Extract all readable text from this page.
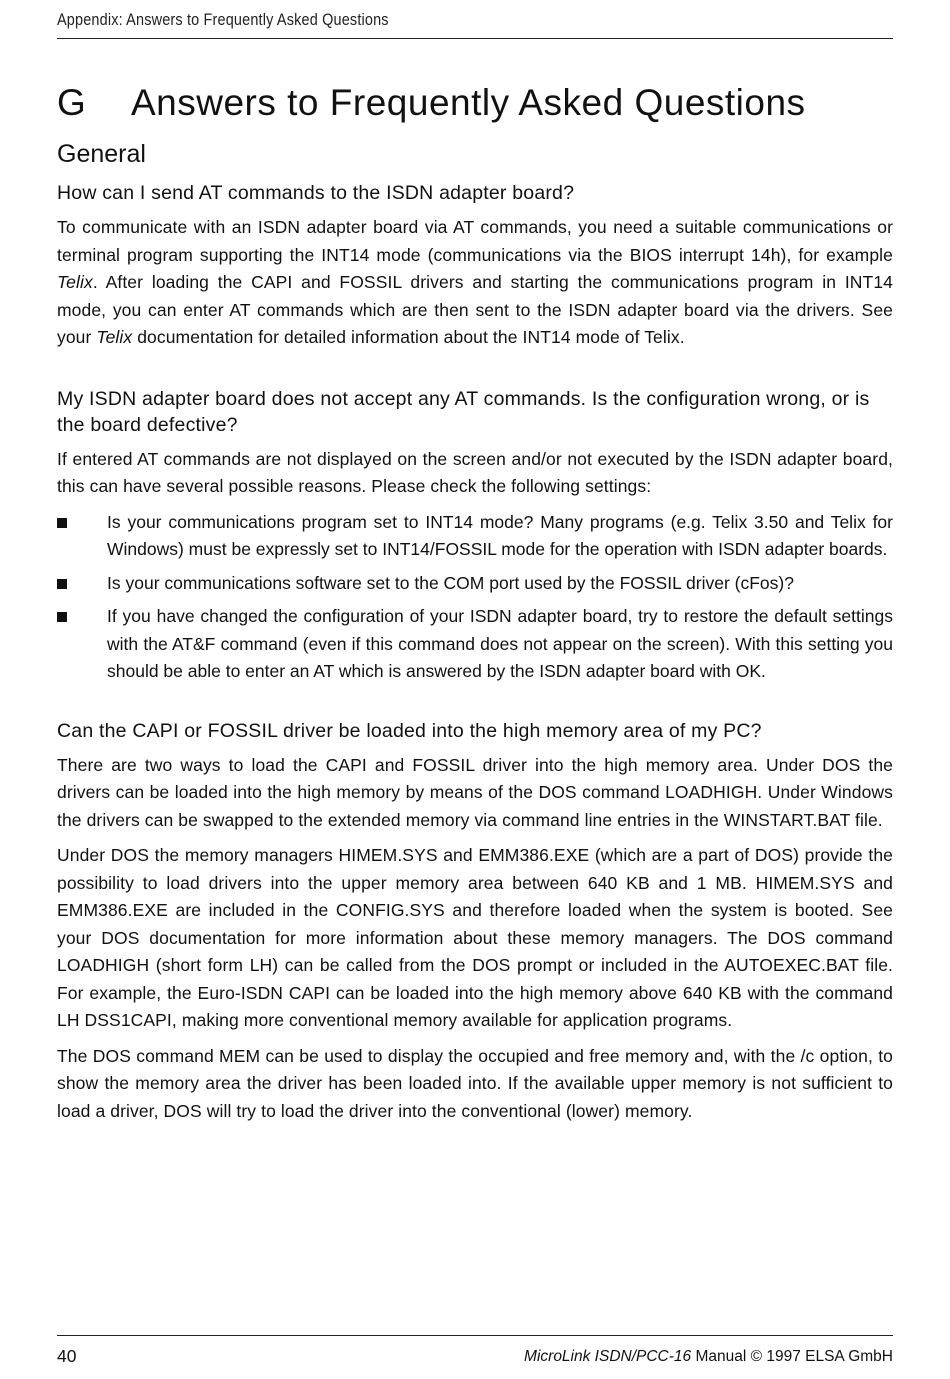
Appendix: Answers to Frequently Asked Questions
G Answers to Frequently Asked Questions
General
How can I send AT commands to the ISDN adapter board?

To communicate with an ISDN adapter board via AT commands, you need a suitable communications or terminal program supporting the INT14 mode (communications via the BIOS interrupt 14h), for example Telix. After loading the CAPI and FOSSIL drivers and starting the communications program in INT14 mode, you can enter AT commands which are then sent to the ISDN adapter board via the drivers. See your Telix documentation for detailed information about the INT14 mode of Telix.

My ISDN adapter board does not accept any AT commands. Is the configuration wrong, or is the board defective?

If entered AT commands are not displayed on the screen and/or not executed by the ISDN adapter board, this can have several possible reasons. Please check the following settings:

Is your communications program set to INT14 mode? Many programs (e.g. Telix 3.50 and Telix for Windows) must be expressly set to INT14/FOSSIL mode for the operation with ISDN adapter boards.
Is your communications software set to the COM port used by the FOSSIL driver (cFos)?
If you have changed the configuration of your ISDN adapter board, try to restore the default settings with the AT&F command (even if this command does not appear on the screen). With this setting you should be able to enter an AT which is answered by the ISDN adapter board with OK.
Can the CAPI or FOSSIL driver be loaded into the high memory area of my PC?

There are two ways to load the CAPI and FOSSIL driver into the high memory area. Under DOS the drivers can be loaded into the high memory by means of the DOS command LOADHIGH. Under Windows the drivers can be swapped to the extended memory via command line entries in the WINSTART.BAT file.

Under DOS the memory managers HIMEM.SYS and EMM386.EXE (which are a part of DOS) provide the possibility to load drivers into the upper memory area between 640 KB and 1 MB. HIMEM.SYS and EMM386.EXE are included in the CONFIG.SYS and therefore loaded when the system is booted. See your DOS documentation for more information about these memory managers. The DOS command LOADHIGH (short form LH) can be called from the DOS prompt or included in the AUTOEXEC.BAT file. For example, the Euro-ISDN CAPI can be loaded into the high memory above 640 KB with the command LH DSS1CAPI, making more conventional memory available for application programs.

The DOS command MEM can be used to display the occupied and free memory and, with the /c option, to show the memory area the driver has been loaded into. If the available upper memory is not sufficient to load a driver, DOS will try to load the driver into the conventional (lower) memory.

40	MicroLink ISDN/PCC-16 Manual © 1997 ELSA GmbH
